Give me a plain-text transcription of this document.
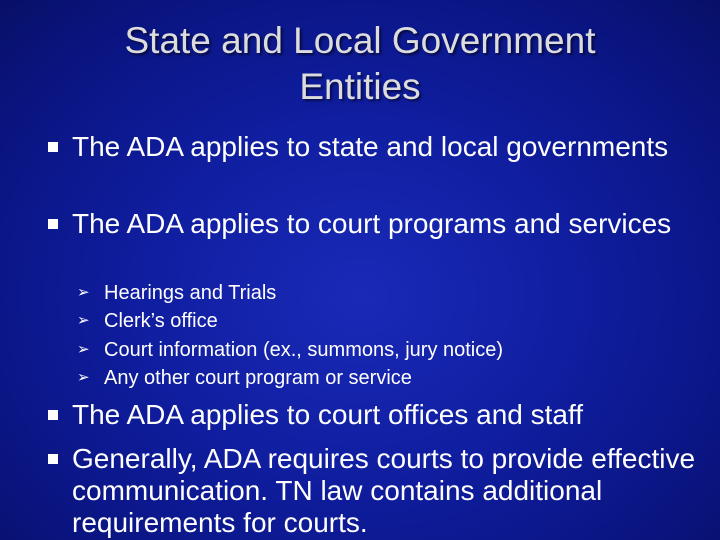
State and Local Government
Entities
The ADA applies to state and local governments
The ADA applies to court programs and services
➢ Hearings and Trials
➢ Clerk’s office
➢ Court information (ex., summons, jury notice)
➢ Any other court program or service
The ADA applies to court offices and staff
Generally, ADA requires courts to provide effective communication. TN law contains additional requirements for courts.
